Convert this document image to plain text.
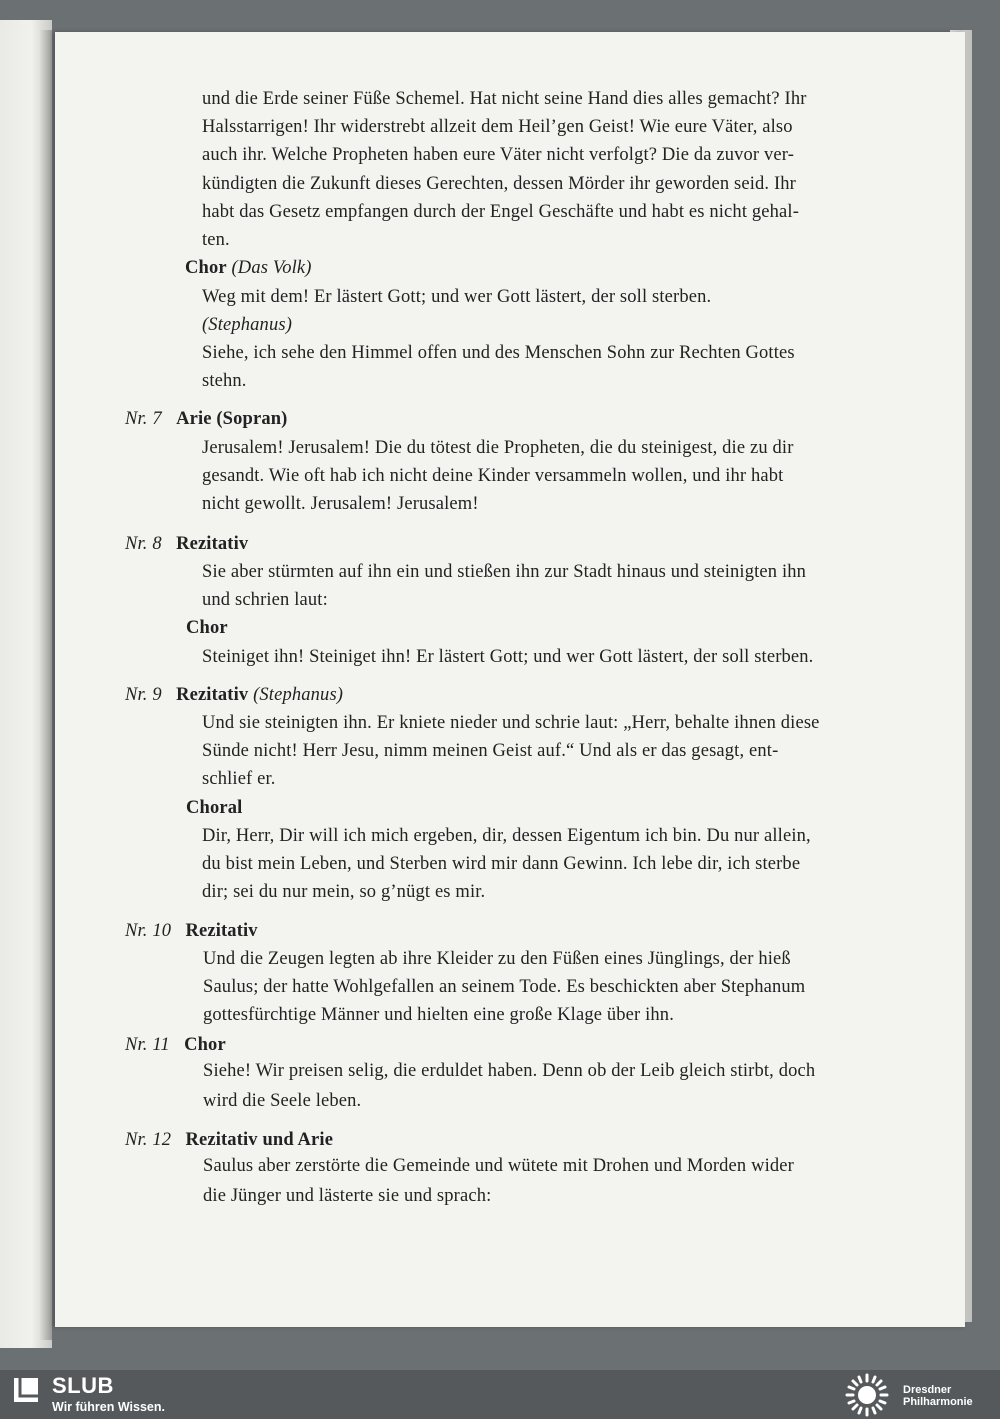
und die Erde seiner Füße Schemel. Hat nicht seine Hand dies alles gemacht? Ihr
Halsstarrigen! Ihr widerstrebt allzeit dem Heil’gen Geist! Wie eure Väter, also
auch ihr. Welche Propheten haben eure Väter nicht verfolgt? Die da zuvor ver-
kündigten die Zukunft dieses Gerechten, dessen Mörder ihr geworden seid. Ihr
habt das Gesetz empfangen durch der Engel Geschäfte und habt es nicht gehal-
ten.
Chor (Das Volk)
Weg mit dem! Er lästert Gott; und wer Gott lästert, der soll sterben.
(Stephanus)
Siehe, ich sehe den Himmel offen und des Menschen Sohn zur Rechten Gottes
stehn.
Nr. 7 Arie (Sopran)
Jerusalem! Jerusalem! Die du tötest die Propheten, die du steinigest, die zu dir
gesandt. Wie oft hab ich nicht deine Kinder versammeln wollen, und ihr habt
nicht gewollt. Jerusalem! Jerusalem!
Nr. 8 Rezitativ
Sie aber stürmten auf ihn ein und stießen ihn zur Stadt hinaus und steinigten ihn
und schrien laut:
Chor
Steiniget ihn! Steiniget ihn! Er lästert Gott; und wer Gott lästert, der soll sterben.
Nr. 9 Rezitativ (Stephanus)
Und sie steinigten ihn. Er kniete nieder und schrie laut: „Herr, behalte ihnen diese
Sünde nicht! Herr Jesu, nimm meinen Geist auf.“ Und als er das gesagt, ent-
schlief er.
Choral
Dir, Herr, Dir will ich mich ergeben, dir, dessen Eigentum ich bin. Du nur allein,
du bist mein Leben, und Sterben wird mir dann Gewinn. Ich lebe dir, ich sterbe
dir; sei du nur mein, so g’nügt es mir.
Nr. 10 Rezitativ
Und die Zeugen legten ab ihre Kleider zu den Füßen eines Jünglings, der hieß
Saulus; der hatte Wohlgefallen an seinem Tode. Es beschickten aber Stephanum
gottesfürchtige Männer und hielten eine große Klage über ihn.
Nr. 11 Chor
Siehe! Wir preisen selig, die erduldet haben. Denn ob der Leib gleich stirbt, doch
wird die Seele leben.
Nr. 12 Rezitativ und Arie
Saulus aber zerstörte die Gemeinde und wütete mit Drohen und Morden wider
die Jünger und lästerte sie und sprach:
SLUB
Wir führen Wissen.
Dresdner
Philharmonie
